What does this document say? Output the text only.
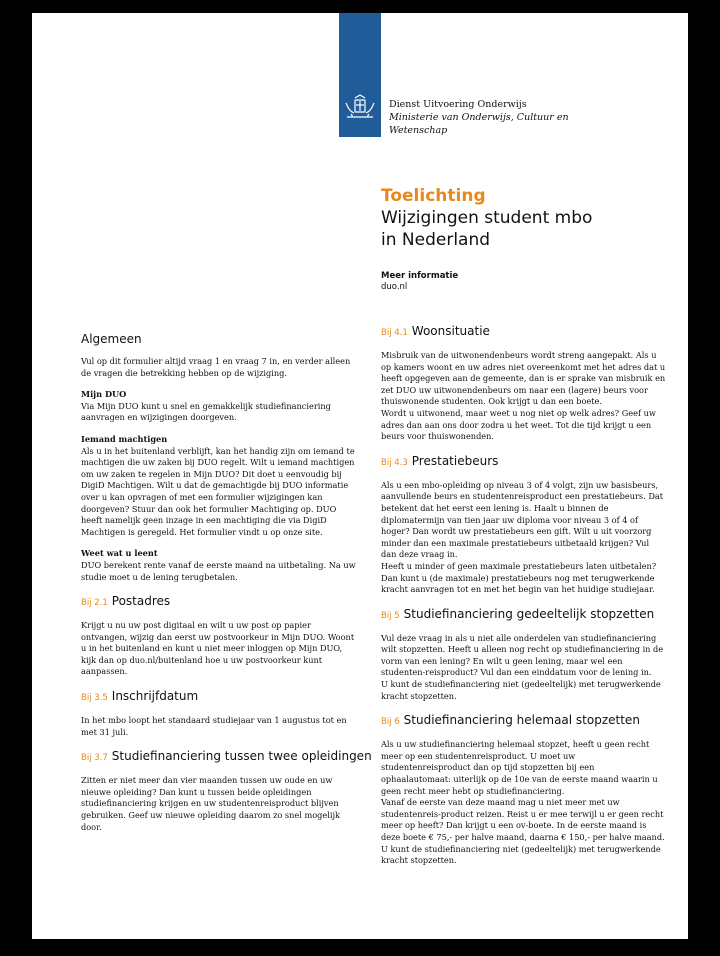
Dienst Uitvoering Onderwijs
Ministerie van Onderwijs, Cultuur en
Wetenschap
Toelichting
Wijzigingen student mbo
in Nederland
Meer informatie
duo.nl
Algemeen

Vul op dit formulier altijd vraag 1 en vraag 7 in, en verder alleen de vragen die betrekking hebben op de wijziging.

Mijn DUO

Via Mijn DUO kunt u snel en gemakkelijk studiefinanciering aanvragen en wijzigingen doorgeven.

Iemand machtigen

Als u in het buitenland verblijft, kan het handig zijn om iemand te machtigen die uw zaken bij DUO regelt. Wilt u iemand machtigen om uw zaken te regelen in Mijn DUO? Dit doet u eenvoudig bij DigiD Machtigen. Wilt u dat de gemachtigde bij DUO informatie over u kan opvragen of met een formulier wijzigingen kan doorgeven? Stuur dan ook het formulier Machtiging op. DUO heeft namelijk geen inzage in een machtiging die via DigiD Machtigen is geregeld. Het formulier vindt u op onze site.

Weet wat u leent

DUO berekent rente vanaf de eerste maand na uitbetaling. Na uw studie moet u de lening terugbetalen.

Bij 2.1 Postadres

Krijgt u nu uw post digitaal en wilt u uw post op papier ontvangen, wijzig dan eerst uw postvoorkeur in Mijn DUO. Woont u in het buitenland en kunt u niet meer inloggen op Mijn DUO, kijk dan op duo.nl/buitenland hoe u uw postvoorkeur kunt aanpassen.

Bij 3.5 Inschrijfdatum

In het mbo loopt het standaard studiejaar van 1 augustus tot en met 31 juli.

Bij 3.7 Studiefinanciering tussen twee opleidingen

Zitten er niet meer dan vier maanden tussen uw oude en uw nieuwe opleiding? Dan kunt u tussen beide opleidingen studiefinanciering krijgen en uw studentenreisproduct blijven gebruiken. Geef uw nieuwe opleiding daarom zo snel mogelijk door.

Bij 4.1 Woonsituatie
Misbruik van de uitwonendenbeurs wordt streng aangepakt. Als u op kamers woont en uw adres niet overeenkomt met het adres dat u heeft opgegeven aan de gemeente, dan is er sprake van misbruik en zet DUO uw uitwonendenbeurs om naar een (lagere) beurs voor thuiswonende studenten. Ook krijgt u dan een boete.

Wordt u uitwonend, maar weet u nog niet op welk adres? Geef uw adres dan aan ons door zodra u het weet. Tot die tijd krijgt u een beurs voor thuiswonenden.

Bij 4.3 Prestatiebeurs
Als u een mbo-opleiding op niveau 3 of 4 volgt, zijn uw basisbeurs, aanvullende beurs en studentenreisproduct een prestatiebeurs. Dat betekent dat het eerst een lening is. Haalt u binnen de diplomatermijn van tien jaar uw diploma voor niveau 3 of 4 of hoger? Dan wordt uw prestatiebeurs een gift. Wilt u uit voorzorg minder dan een maximale prestatiebeurs uitbetaald krijgen? Vul dan deze vraag in.

Heeft u minder of geen maximale prestatiebeurs laten uitbetalen? Dan kunt u (de maximale) prestatiebeurs nog met terugwerkende kracht aanvragen tot en met het begin van het huidige studiejaar.

Bij 5 Studiefinanciering gedeeltelijk stopzetten
Vul deze vraag in als u niet alle onderdelen van studiefinanciering wilt stopzetten. Heeft u alleen nog recht op studiefinanciering in de vorm van een lening? En wilt u geen lening, maar wel een studenten-reisproduct? Vul dan een einddatum voor de lening in.

U kunt de studiefinanciering niet (gedeeltelijk) met terugwerkende kracht stopzetten.

Bij 6 Studiefinanciering helemaal stopzetten
Als u uw studiefinanciering helemaal stopzet, heeft u geen recht meer op een studentenreisproduct. U moet uw studentenreisproduct dan op tijd stopzetten bij een ophaalautomaat: uiterlijk op de 10e van de eerste maand waarin u geen recht meer hebt op studiefinanciering.
Vanaf de eerste van deze maand mag u niet meer met uw studentenreis-product reizen. Reist u er mee terwijl u er geen recht meer op heeft? Dan krijgt u een ov-boete. In de eerste maand is deze boete € 75,- per halve maand, daarna € 150,- per halve maand.

U kunt de studiefinanciering niet (gedeeltelijk) met terugwerkende kracht stopzetten.
